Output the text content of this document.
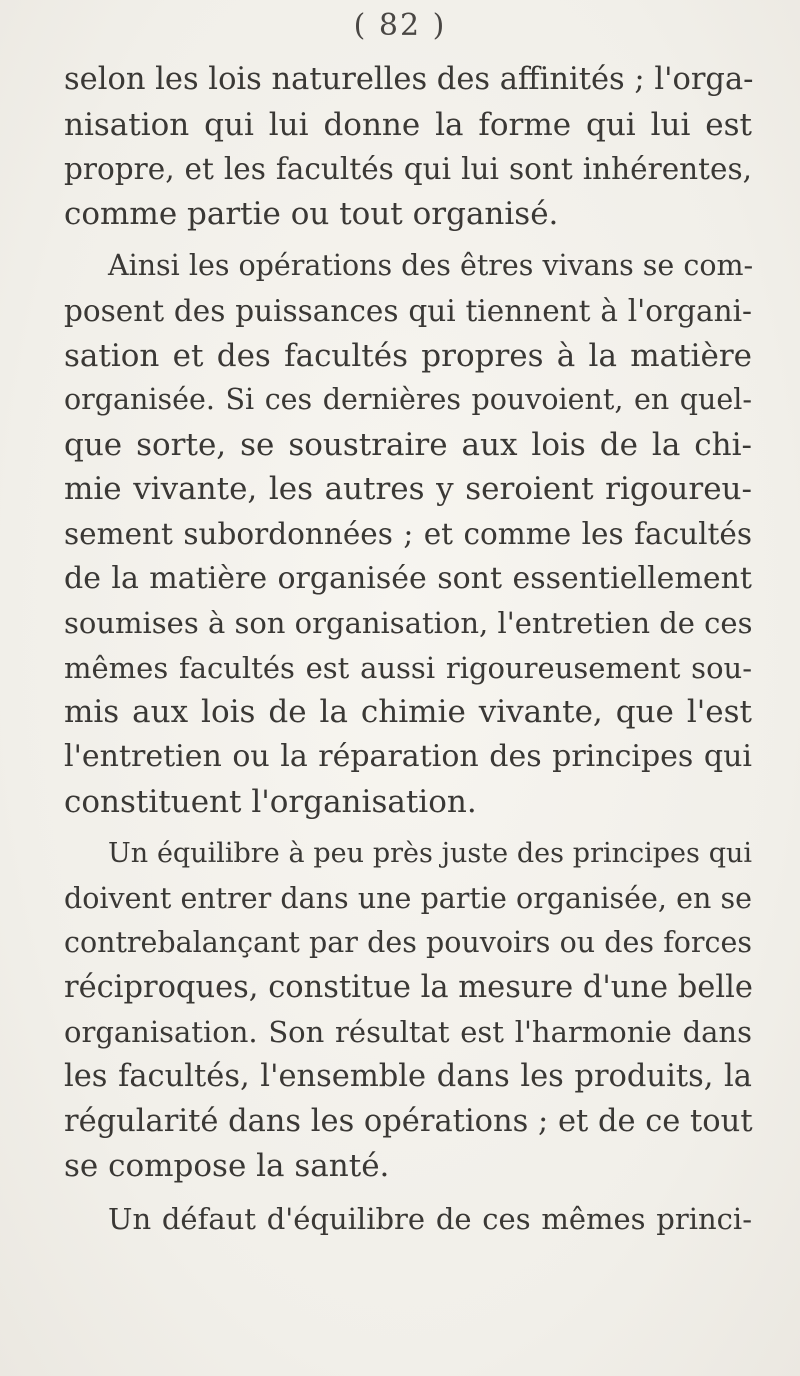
( 82 )
selon les lois naturelles des affinités ; l'orga-
nisation qui lui donne la forme qui lui est
propre, et les facultés qui lui sont inhérentes,
comme partie ou tout organisé.
Ainsi les opérations des êtres vivans se com-
posent des puissances qui tiennent à l'organi-
sation et des facultés propres à la matière
organisée. Si ces dernières pouvoient, en quel-
que sorte, se soustraire aux lois de la chi-
mie vivante, les autres y seroient rigoureu-
sement subordonnées ; et comme les facultés
de la matière organisée sont essentiellement
soumises à son organisation, l'entretien de ces
mêmes facultés est aussi rigoureusement sou-
mis aux lois de la chimie vivante, que l'est
l'entretien ou la réparation des principes qui
constituent l'organisation.
Un équilibre à peu près juste des principes qui
doivent entrer dans une partie organisée, en se
contrebalançant par des pouvoirs ou des forces
réciproques, constitue la mesure d'une belle
organisation. Son résultat est l'harmonie dans
les facultés, l'ensemble dans les produits, la
régularité dans les opérations ; et de ce tout
se compose la santé.
Un défaut d'équilibre de ces mêmes princi-
